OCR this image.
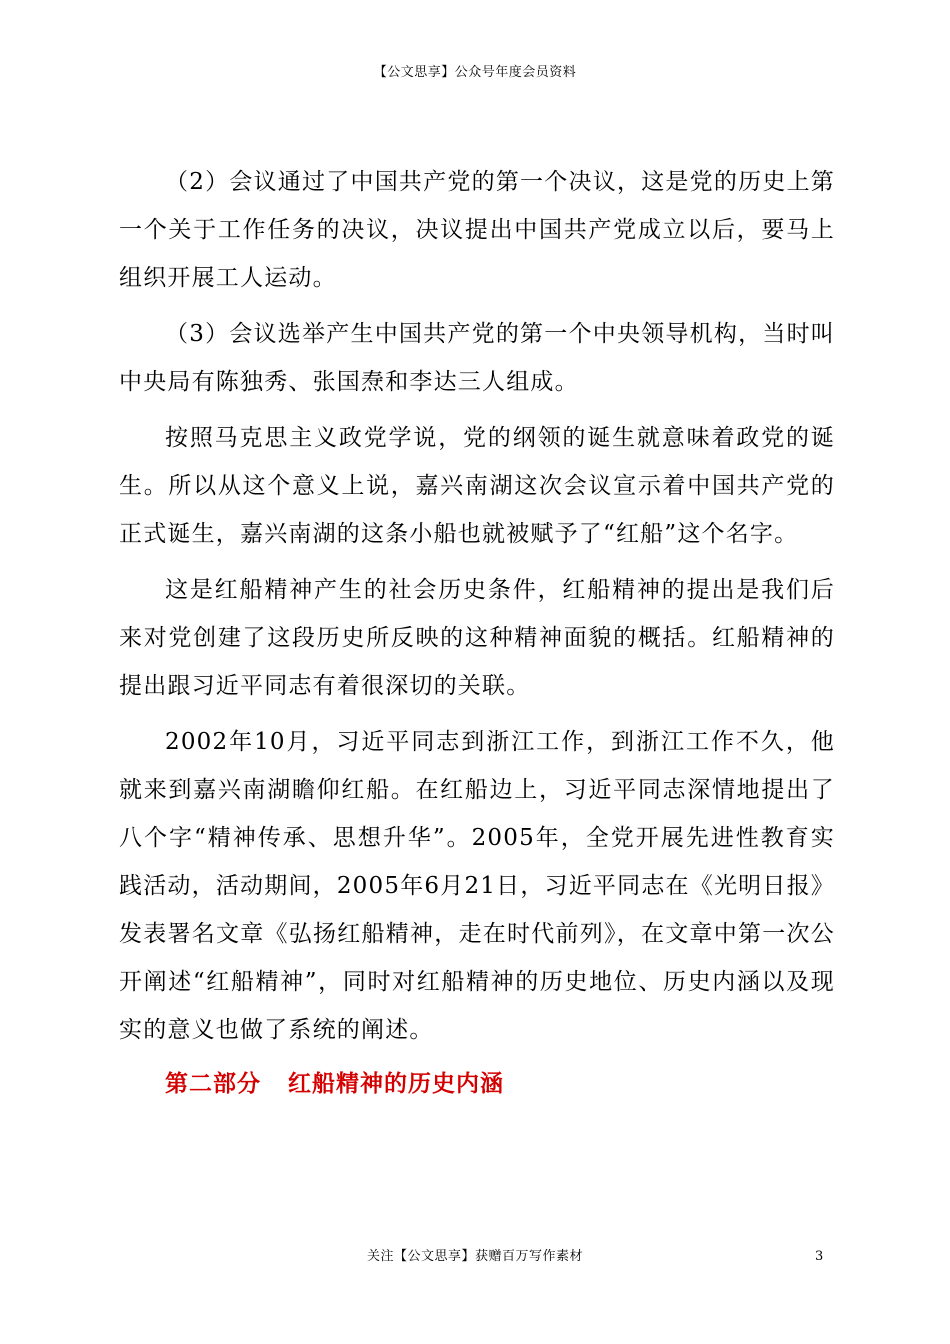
【公文思享】公众号年度会员资料

（2）会议通过了中国共产党的第一个决议，这是党的历史上第一个关于工作任务的决议，决议提出中国共产党成立以后，要马上组织开展工人运动。

（3）会议选举产生中国共产党的第一个中央领导机构，当时叫中央局有陈独秀、张国焘和李达三人组成。

按照马克思主义政党学说，党的纲领的诞生就意味着政党的诞生。所以从这个意义上说，嘉兴南湖这次会议宣示着中国共产党的正式诞生，嘉兴南湖的这条小船也就被赋予了“红船”这个名字。

这是红船精神产生的社会历史条件，红船精神的提出是我们后来对党创建了这段历史所反映的这种精神面貌的概括。红船精神的提出跟习近平同志有着很深切的关联。

2002年10月，习近平同志到浙江工作，到浙江工作不久，他就来到嘉兴南湖瞻仰红船。在红船边上，习近平同志深情地提出了八个字“精神传承、思想升华”。2005年，全党开展先进性教育实践活动，活动期间，2005年6月21日，习近平同志在《光明日报》发表署名文章《弘扬红船精神，走在时代前列》，在文章中第一次公开阐述“红船精神”，同时对红船精神的历史地位、历史内涵以及现实的意义也做了系统的阐述。

第二部分   红船精神的历史内涵
关注【公文思享】获赠百万写作素材	3
